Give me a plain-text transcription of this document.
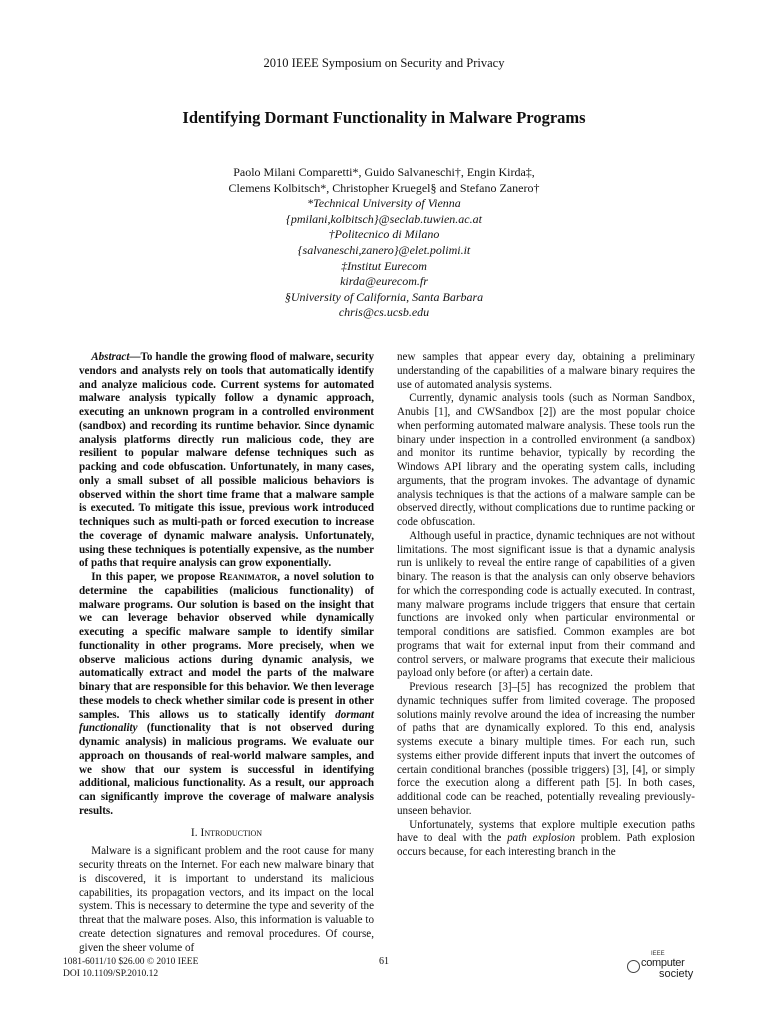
2010 IEEE Symposium on Security and Privacy
Identifying Dormant Functionality in Malware Programs
Paolo Milani Comparetti*, Guido Salvaneschi†, Engin Kirda‡,
Clemens Kolbitsch*, Christopher Kruegel§ and Stefano Zanero†
*Technical University of Vienna
{pmilani,kolbitsch}@seclab.tuwien.ac.at
†Politecnico di Milano
{salvaneschi,zanero}@elet.polimi.it
‡Institut Eurecom
kirda@eurecom.fr
§University of California, Santa Barbara
chris@cs.ucsb.edu

Abstract—To handle the growing flood of malware, security vendors and analysts rely on tools that automatically identify and analyze malicious code. Current systems for automated malware analysis typically follow a dynamic approach, executing an unknown program in a controlled environment (sandbox) and recording its runtime behavior. Since dynamic analysis platforms directly run malicious code, they are resilient to popular malware defense techniques such as packing and code obfuscation. Unfortunately, in many cases, only a small subset of all possible malicious behaviors is observed within the short time frame that a malware sample is executed. To mitigate this issue, previous work introduced techniques such as multi-path or forced execution to increase the coverage of dynamic malware analysis. Unfortunately, using these techniques is potentially expensive, as the number of paths that require analysis can grow exponentially.

In this paper, we propose Reanimator, a novel solution to determine the capabilities (malicious functionality) of malware programs. Our solution is based on the insight that we can leverage behavior observed while dynamically executing a specific malware sample to identify similar functionality in other programs. More precisely, when we observe malicious actions during dynamic analysis, we automatically extract and model the parts of the malware binary that are responsible for this behavior. We then leverage these models to check whether similar code is present in other samples. This allows us to statically identify dormant functionality (functionality that is not observed during dynamic analysis) in malicious programs. We evaluate our approach on thousands of real-world malware samples, and we show that our system is successful in identifying additional, malicious functionality. As a result, our approach can significantly improve the coverage of malware analysis results.

I. Introduction

Malware is a significant problem and the root cause for many security threats on the Internet. For each new malware binary that is discovered, it is important to understand its malicious capabilities, its propagation vectors, and its impact on the local system. This is necessary to determine the type and severity of the threat that the malware poses. Also, this information is valuable to create detection signatures and removal procedures. Of course, given the sheer volume of

new samples that appear every day, obtaining a preliminary understanding of the capabilities of a malware binary requires the use of automated analysis systems.

Currently, dynamic analysis tools (such as Norman Sandbox, Anubis [1], and CWSandbox [2]) are the most popular choice when performing automated malware analysis. These tools run the binary under inspection in a controlled environment (a sandbox) and monitor its runtime behavior, typically by recording the Windows API library and the operating system calls, including arguments, that the program invokes. The advantage of dynamic analysis techniques is that the actions of a malware sample can be observed directly, without complications due to runtime packing or code obfuscation.

Although useful in practice, dynamic techniques are not without limitations. The most significant issue is that a dynamic analysis run is unlikely to reveal the entire range of capabilities of a given binary. The reason is that the analysis can only observe behaviors for which the corresponding code is actually executed. In contrast, many malware programs include triggers that ensure that certain functions are invoked only when particular environmental or temporal conditions are satisfied. Common examples are bot programs that wait for external input from their command and control servers, or malware programs that execute their malicious payload only before (or after) a certain date.

Previous research [3]–[5] has recognized the problem that dynamic techniques suffer from limited coverage. The proposed solutions mainly revolve around the idea of increasing the number of paths that are dynamically explored. To this end, analysis systems execute a binary multiple times. For each run, such systems either provide different inputs that invert the outcomes of certain conditional branches (possible triggers) [3], [4], or simply force the execution along a different path [5]. In both cases, additional code can be reached, potentially revealing previously-unseen behavior.

Unfortunately, systems that explore multiple execution paths have to deal with the path explosion problem. Path explosion occurs because, for each interesting branch in the

1081-6011/10 $26.00 © 2010 IEEE
DOI 10.1109/SP.2010.12
61
IEEE
computer
society
